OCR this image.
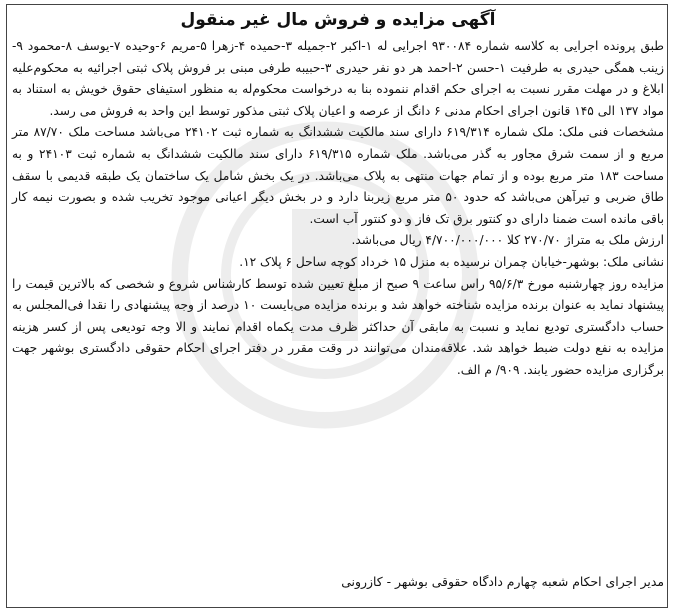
آگهی مزایده و فروش مال غیر منقول

طبق پرونده اجرایی به کلاسه شماره ۹۳۰۰۸۴ اجرایی له ۱-اکبر ۲-جمیله ۳-حمیده ۴-زهرا ۵-مریم ۶-وحیده ۷-یوسف ۸-محمود ۹-زینب همگی حیدری به طرفیت ۱-حسن ۲-احمد هر دو نفر حیدری ۳-حبیبه طرفی مبنی بر فروش پلاک ثبتی اجرائیه به محکوم‌علیه ابلاغ و در مهلت مقرر نسبت به اجرای حکم اقدام ننموده بنا به درخواست محکوم‌له به منظور استیفای حقوق خویش به استناد به مواد ۱۳۷ الی ۱۴۵ قانون اجرای احکام مدنی ۶ دانگ از عرصه و اعیان پلاک ثبتی مذکور توسط این واحد به فروش می رسد.

مشخصات فنی ملک: ملک شماره ۶۱۹/۳۱۴ دارای سند مالکیت ششدانگ به شماره ثبت ۲۴۱۰۲ می‌باشد مساحت ملک ۸۷/۷۰ متر مربع و از سمت شرق مجاور به گذر می‌باشد. ملک شماره ۶۱۹/۳۱۵ دارای سند مالکیت ششدانگ به شماره ثبت ۲۴۱۰۳ و به مساحت ۱۸۳ متر مربع بوده و از تمام جهات منتهی به پلاک می‌باشد. در یک بخش شامل یک ساختمان یک طبقه قدیمی با سقف طاق ضربی و تیرآهن می‌باشد که حدود ۵۰ متر مربع زیربنا دارد و در بخش دیگر اعیانی موجود تخریب شده و بصورت نیمه کار باقی مانده است ضمنا دارای دو کنتور برق تک فاز و دو کنتور آب است.

ارزش ملک به متراژ ۲۷۰/۷۰ کلا ۴/۷۰۰/۰۰۰/۰۰۰ ریال می‌باشد.

نشانی ملک: بوشهر-خیابان چمران نرسیده به منزل ۱۵ خرداد کوچه ساحل ۶ پلاک ۱۲.

مزایده روز چهارشنبه مورخ ۹۵/۶/۳ راس ساعت ۹ صبح از مبلغ تعیین شده توسط کارشناس شروع و شخصی که بالاترین قیمت را پیشنهاد نماید به عنوان برنده مزایده شناخته خواهد شد و برنده مزایده می‌بایست ۱۰ درصد از وجه پیشنهادی را نقدا فی‌المجلس به حساب دادگستری تودیع نماید و نسبت به مابقی آن حداکثر ظرف مدت یکماه اقدام نمایند و الا وجه تودیعی پس از کسر هزینه مزایده به نفع دولت ضبط خواهد شد. علاقه‌مندان می‌توانند در وقت مقرر در دفتر اجرای احکام حقوقی دادگستری بوشهر جهت برگزاری مزایده حضور یابند. ۹۰۹/ م الف.

مدیر اجرای احکام شعبه چهارم دادگاه حقوقی بوشهر - کازرونی
